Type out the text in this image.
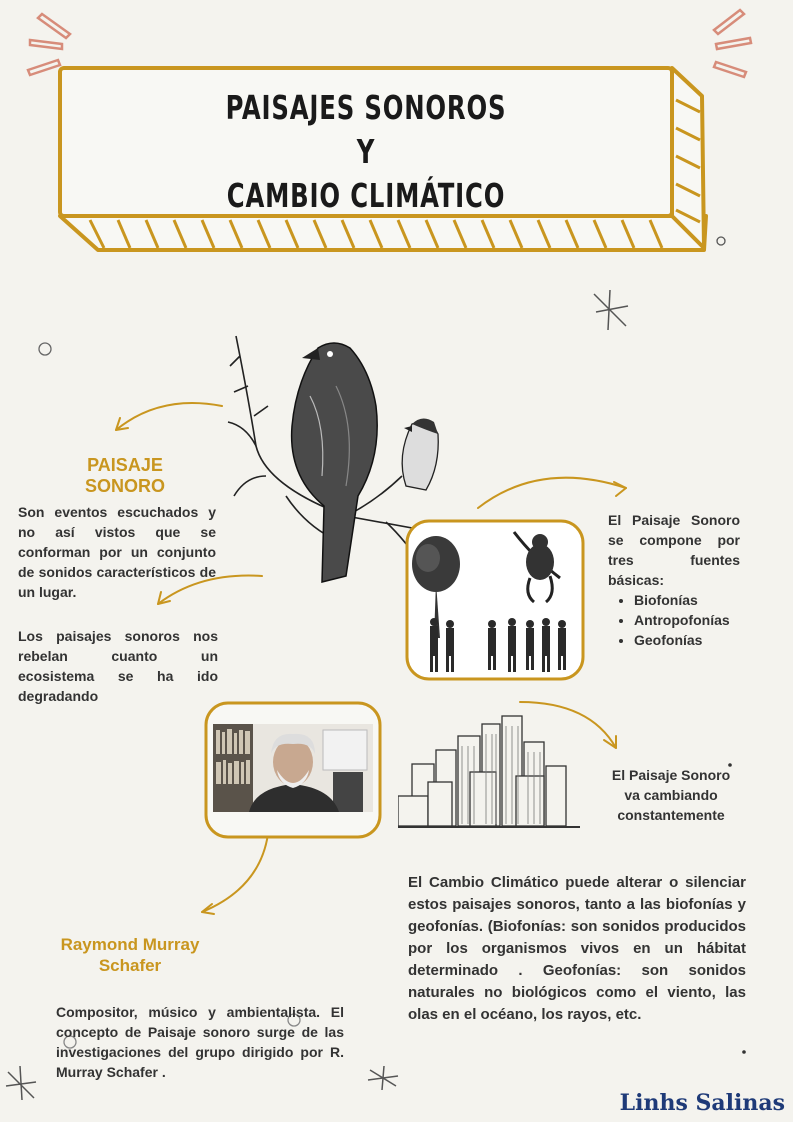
PAISAJES SONOROS
Y
CAMBIO CLIMÁTICO
PAISAJE
SONORO
Son eventos escuchados y no así vistos que se conforman por un conjunto de sonidos característicos de un lugar.
Los paisajes sonoros nos rebelan cuanto un ecosistema se ha ido degradando
El Paisaje Sonoro se compone por tres fuentes básicas:
• Biofonías
• Antropofonías
• Geofonías
El Paisaje Sonoro
va cambiando
constantemente
Raymond Murray
Schafer
Compositor, músico y ambientalista. El concepto de Paisaje sonoro surge de las investigaciones del grupo dirigido por R. Murray Schafer .
El Cambio Climático puede alterar o silenciar estos paisajes sonoros, tanto a las biofonías y geofonías. (Biofonías: son sonidos producidos por los organismos vivos en un hábitat determinado . Geofonías: son sonidos naturales no biológicos como el viento, las olas en el océano, los rayos, etc.
Linhs Salinas
